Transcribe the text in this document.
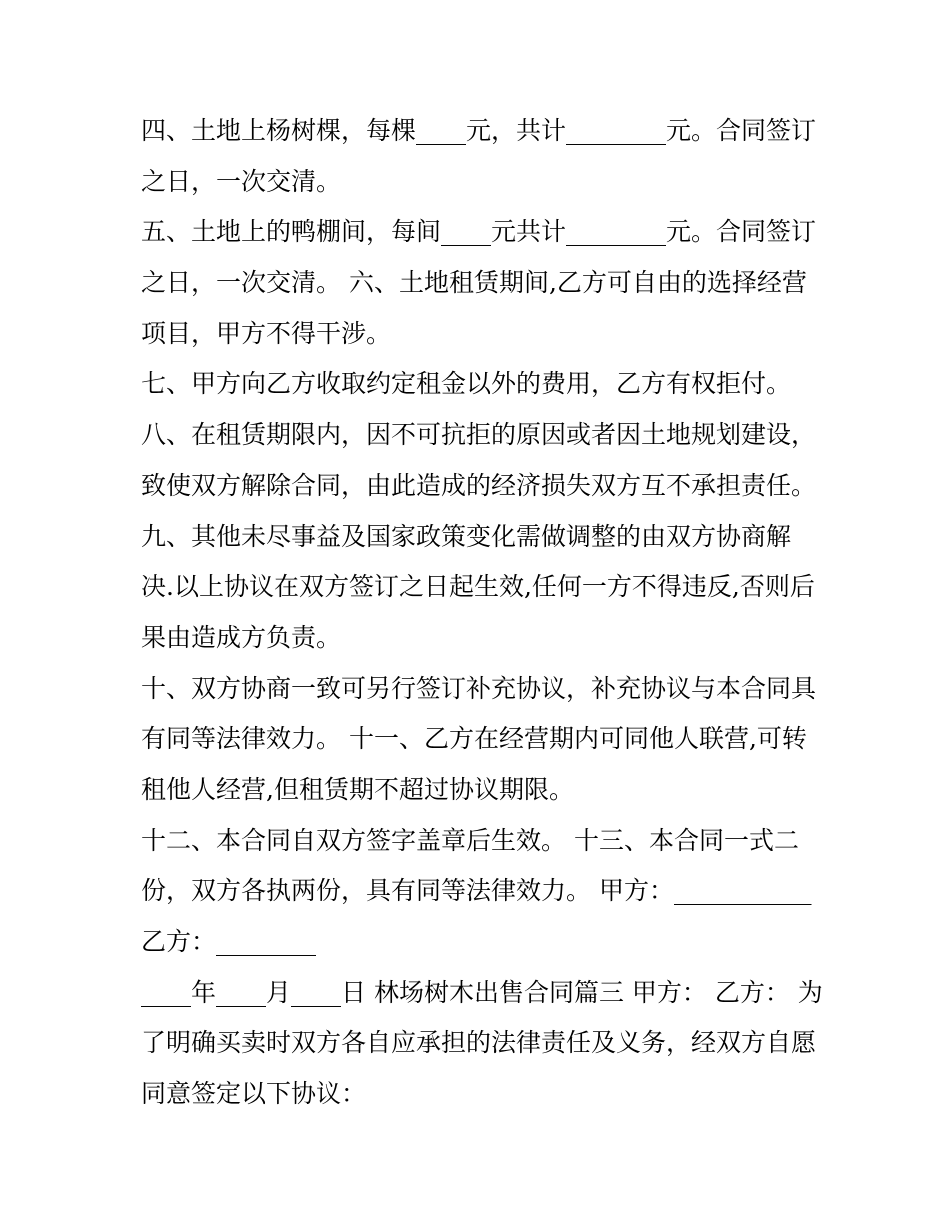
四、土地上杨树棵，每棵____元，共计________元。合同签订
之日，一次交清。
五、土地上的鸭棚间，每间____元共计________元。合同签订
之日，一次交清。 六、土地租赁期间,乙方可自由的选择经营
项目，甲方不得干涉。
七、甲方向乙方收取约定租金以外的费用，乙方有权拒付。
八、在租赁期限内，因不可抗拒的原因或者因土地规划建设，
致使双方解除合同，由此造成的经济损失双方互不承担责任。
九、其他未尽事益及国家政策变化需做调整的由双方协商解
决.以上协议在双方签订之日起生效,任何一方不得违反,否则后
果由造成方负责。
十、双方协商一致可另行签订补充协议，补充协议与本合同具
有同等法律效力。 十一、乙方在经营期内可同他人联营,可转
租他人经营,但租赁期不超过协议期限。
十二、本合同自双方签字盖章后生效。 十三、本合同一式二
份，双方各执两份，具有同等法律效力。 甲方：___________
乙方：________
____年____月____日 林场树木出售合同篇三 甲方： 乙方： 为
了明确买卖时双方各自应承担的法律责任及义务，经双方自愿
同意签定以下协议：
